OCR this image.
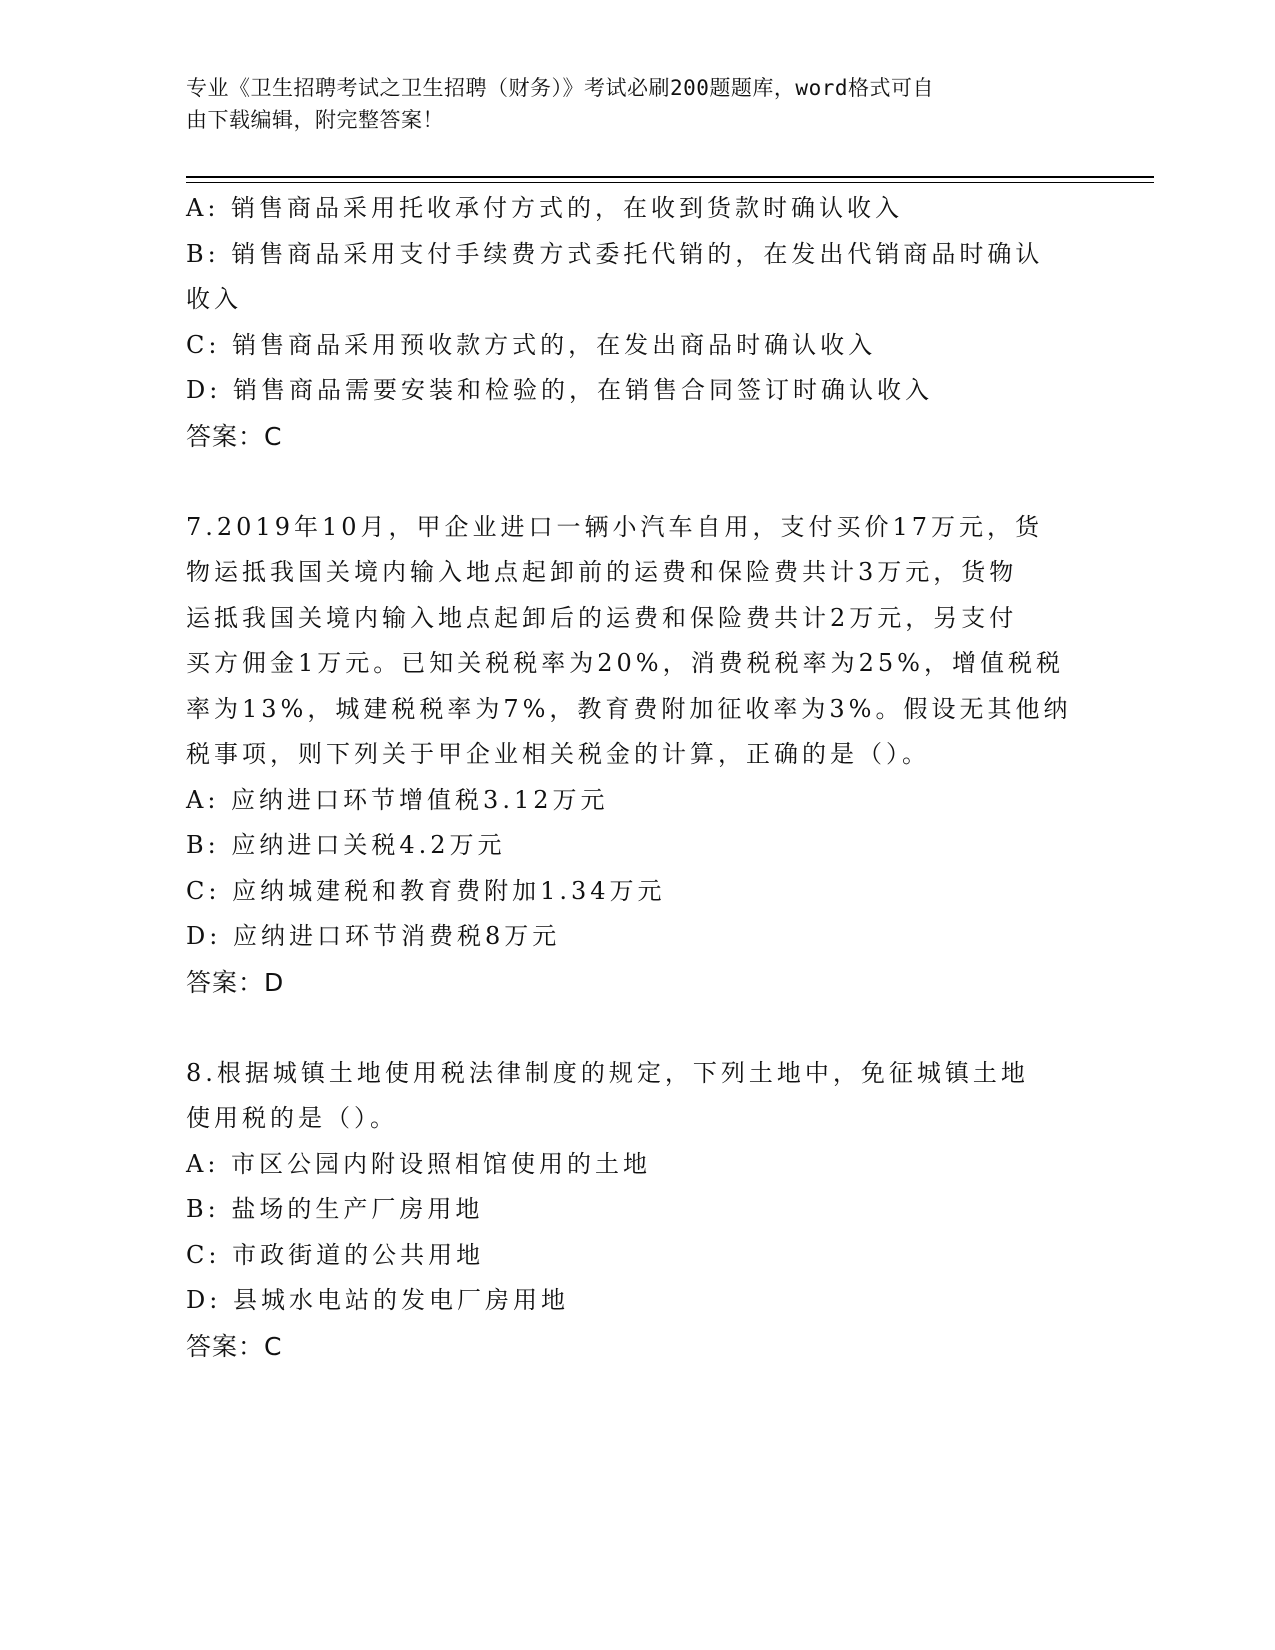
专业《卫生招聘考试之卫生招聘（财务）》考试必刷200题题库，word格式可自
由下载编辑，附完整答案！
A: 销售商品采用托收承付方式的，在收到货款时确认收入
B: 销售商品采用支付手续费方式委托代销的，在发出代销商品时确认
收入
C: 销售商品采用预收款方式的，在发出商品时确认收入
D: 销售商品需要安装和检验的，在销售合同签订时确认收入
答案：C
7.2019年10月，甲企业进口一辆小汽车自用，支付买价17万元，货
物运抵我国关境内输入地点起卸前的运费和保险费共计3万元，货物
运抵我国关境内输入地点起卸后的运费和保险费共计2万元，另支付
买方佣金1万元。已知关税税率为20%，消费税税率为25%，增值税税
率为13%，城建税税率为7%，教育费附加征收率为3%。假设无其他纳
税事项，则下列关于甲企业相关税金的计算，正确的是（）。
A: 应纳进口环节增值税3.12万元
B: 应纳进口关税4.2万元
C: 应纳城建税和教育费附加1.34万元
D: 应纳进口环节消费税8万元
答案：D
8.根据城镇土地使用税法律制度的规定，下列土地中，免征城镇土地
使用税的是（）。
A: 市区公园内附设照相馆使用的土地
B: 盐场的生产厂房用地
C: 市政街道的公共用地
D: 县城水电站的发电厂房用地
答案：C
